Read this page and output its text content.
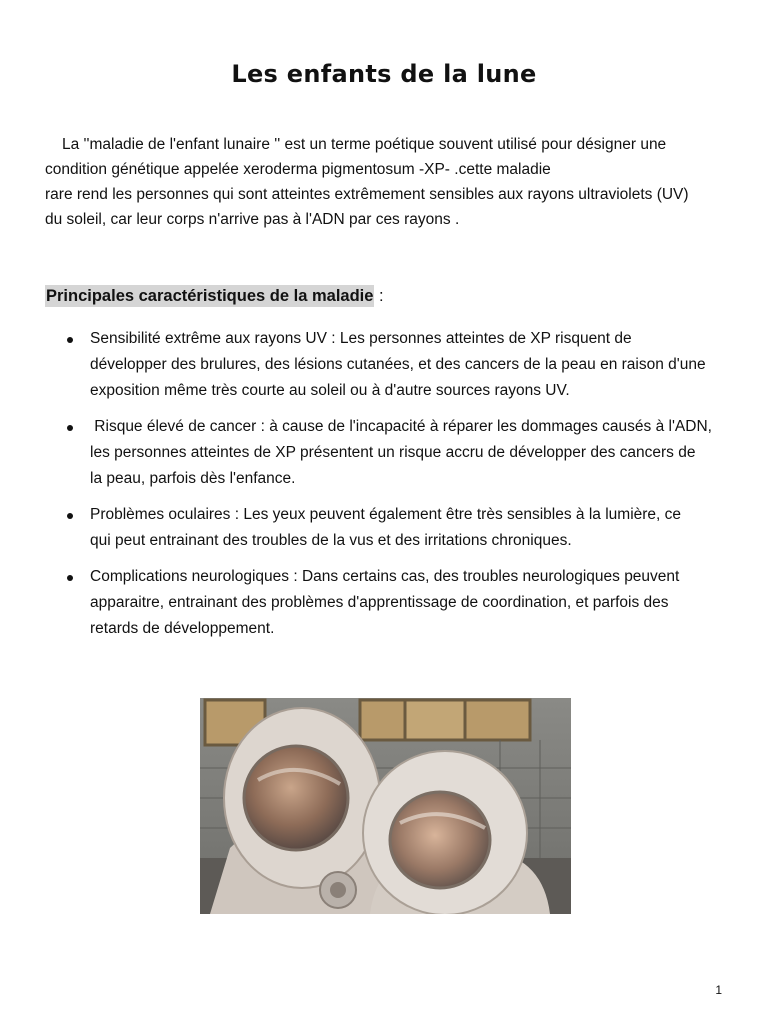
Les enfants de la lune
La ''maladie de l'enfant lunaire '' est un terme poétique souvent utilisé pour désigner une
condition génétique appelée xeroderma pigmentosum -XP- .cette maladie
rare rend les personnes qui sont atteintes extrêmement sensibles aux rayons ultraviolets (UV)
du soleil, car leur corps n'arrive pas à l'ADN par ces rayons .
Principales caractéristiques de la maladie :
Sensibilité extrême aux rayons UV : Les personnes atteintes de XP risquent de
développer des brulures, des lésions cutanées, et des cancers de la peau en raison d'une
exposition même très courte au soleil ou à d'autre sources rayons UV.
Risque élevé de cancer : à cause de l'incapacité à réparer les dommages causés à l'ADN,
les personnes atteintes de XP présentent un risque accru de développer des cancers de
la peau, parfois dès l'enfance.
Problèmes oculaires : Les yeux peuvent également être très sensibles à la lumière, ce
qui peut entrainant des troubles de la vus et des irritations chroniques.
Complications neurologiques : Dans certains cas, des troubles neurologiques peuvent
apparaitre, entrainant des problèmes d'apprentissage de coordination, et parfois des
retards de développement.
1
